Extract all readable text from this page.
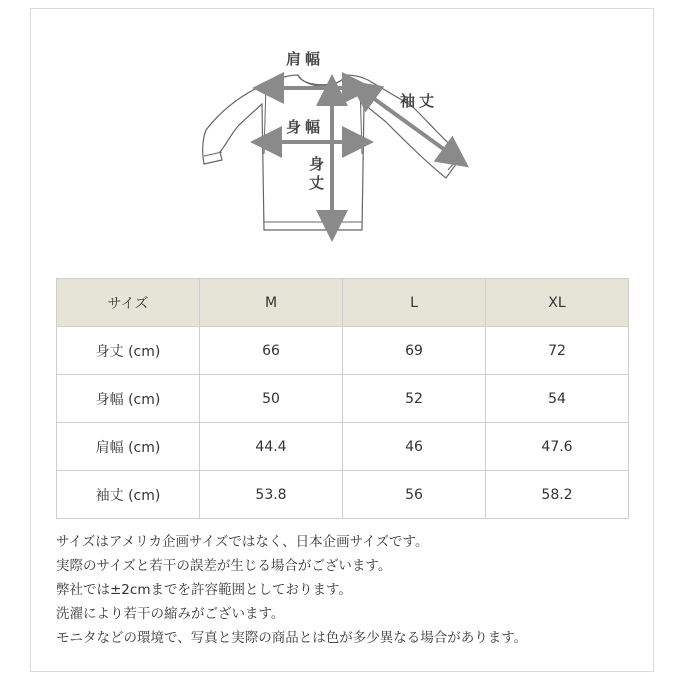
肩幅
袖丈
身幅
身丈
サイズ	M	L	XL
身丈 (cm)	66	69	72
身幅 (cm)	50	52	54
肩幅 (cm)	44.4	46	47.6
袖丈 (cm)	53.8	56	58.2

サイズはアメリカ企画サイズではなく、日本企画サイズです。

実際のサイズと若干の誤差が生じる場合がございます。

弊社では±2cmまでを許容範囲としております。

洗濯により若干の縮みがございます。

モニタなどの環境で、写真と実際の商品とは色が多少異なる場合があります。
